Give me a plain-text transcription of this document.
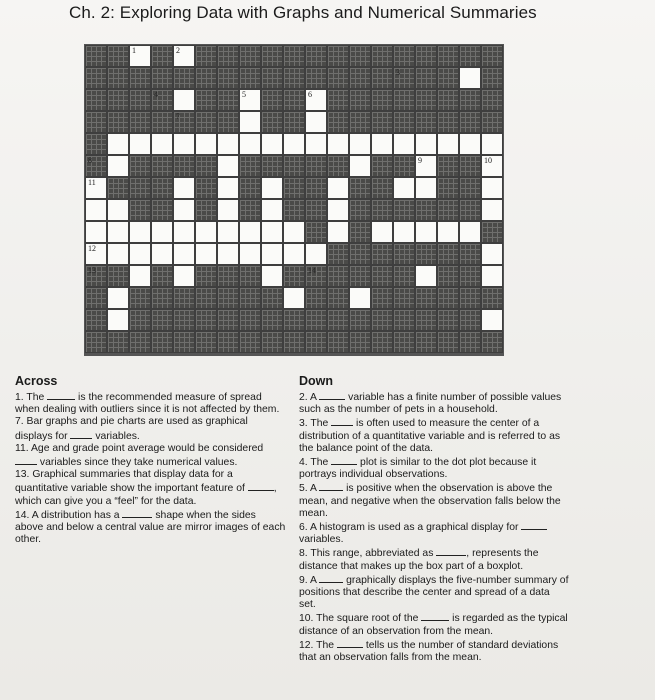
Ch. 2: Exploring Data with Graphs and Numerical Summaries
1	2
3
4	5	6
7
8	9	10
11
12
13	14
Across

1. The	is the recommended measure of spread when dealing with outliers since it is not affected by them.

7. Bar graphs and pie charts are used as graphical displays for  variables.

11. Age and grade point average would be considered  variables since they take numerical values.

13. Graphical summaries that display data for a quantitative variable show the important feature of	, which can give you a “feel” for the data.

14. A distribution has a	shape when the sides above and below a central value are mirror images of each other.

Down

2. A	variable has a finite number of possible values such as the number of pets in a household.

3. The  is often used to measure the center of a distribution of a quantitative variable and is referred to as the balance point of the data.

4. The	plot is similar to the dot plot because it portrays individual observations.

5. A	is positive when the observation is above the mean, and negative when the observation falls below the mean.

6. A histogram is used as a graphical display for  variables.

8. This range, abbreviated as	, represents the distance that makes up the box part of a boxplot.

9. A	graphically displays the five-number summary of positions that describe the center and spread of a data set.

10. The square root of the	is regarded as the typical distance of an observation from the mean.

12. The	tells us the number of standard deviations that an observation falls from the mean.
